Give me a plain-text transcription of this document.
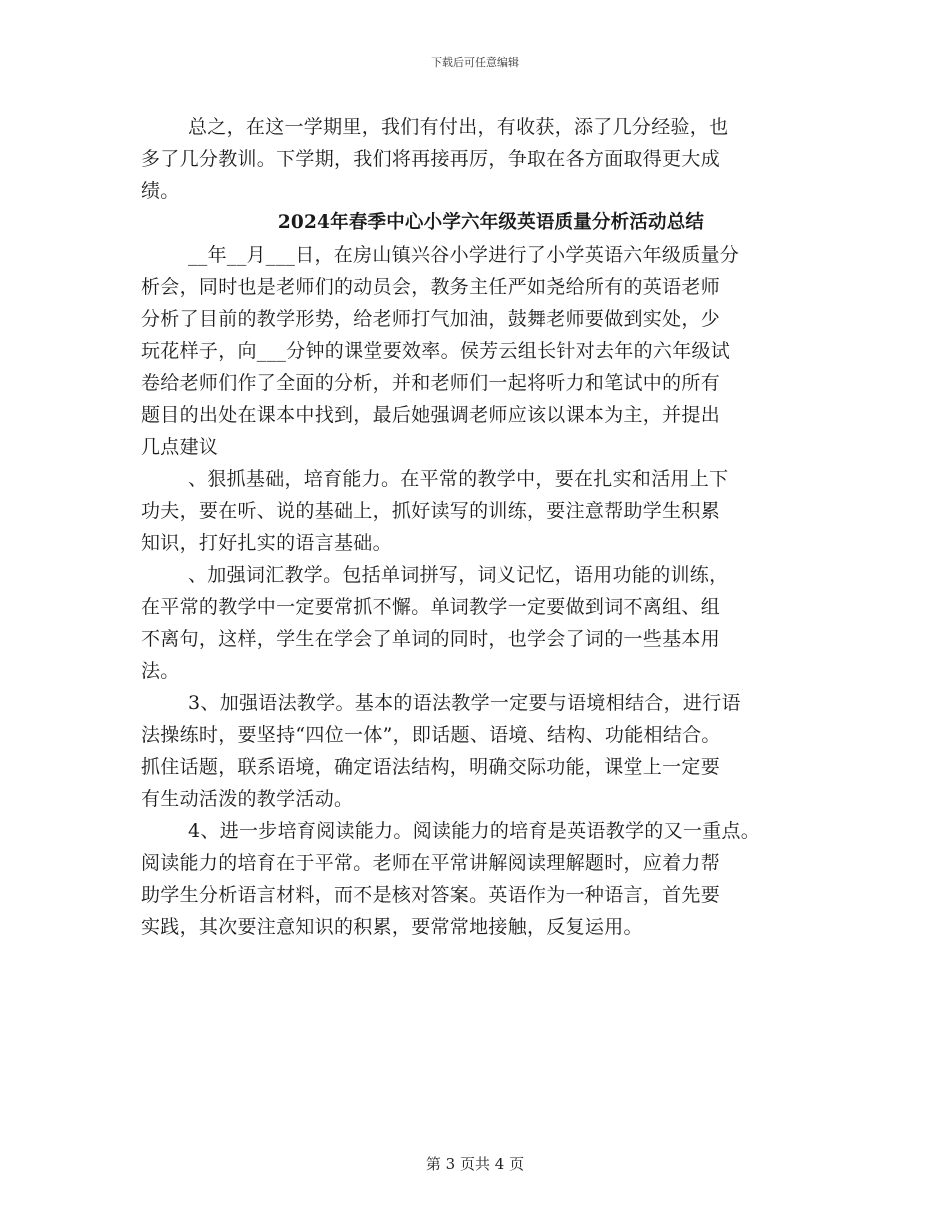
下载后可任意编辑
总之，在这一学期里，我们有付出，有收获，添了几分经验，也
多了几分教训。下学期，我们将再接再厉，争取在各方面取得更大成
绩。
2024年春季中心小学六年级英语质量分析活动总结
__年__月___日，在房山镇兴谷小学进行了小学英语六年级质量分
析会，同时也是老师们的动员会，教务主任严如尧给所有的英语老师
分析了目前的教学形势，给老师打气加油，鼓舞老师要做到实处，少
玩花样子，向___分钟的课堂要效率。侯芳云组长针对去年的六年级试
卷给老师们作了全面的分析，并和老师们一起将听力和笔试中的所有
题目的出处在课本中找到，最后她强调老师应该以课本为主，并提出
几点建议
、狠抓基础，培育能力。在平常的教学中，要在扎实和活用上下
功夫，要在听、说的基础上，抓好读写的训练，要注意帮助学生积累
知识，打好扎实的语言基础。
、加强词汇教学。包括单词拼写，词义记忆，语用功能的训练，
在平常的教学中一定要常抓不懈。单词教学一定要做到词不离组、组
不离句，这样，学生在学会了单词的同时，也学会了词的一些基本用
法。
3、加强语法教学。基本的语法教学一定要与语境相结合，进行语
法操练时，要坚持“四位一体”，即话题、语境、结构、功能相结合。
抓住话题，联系语境，确定语法结构，明确交际功能，课堂上一定要
有生动活泼的教学活动。
4、进一步培育阅读能力。阅读能力的培育是英语教学的又一重点。
阅读能力的培育在于平常。老师在平常讲解阅读理解题时，应着力帮
助学生分析语言材料，而不是核对答案。英语作为一种语言，首先要
实践，其次要注意知识的积累，要常常地接触，反复运用。
第 3 页共 4 页
